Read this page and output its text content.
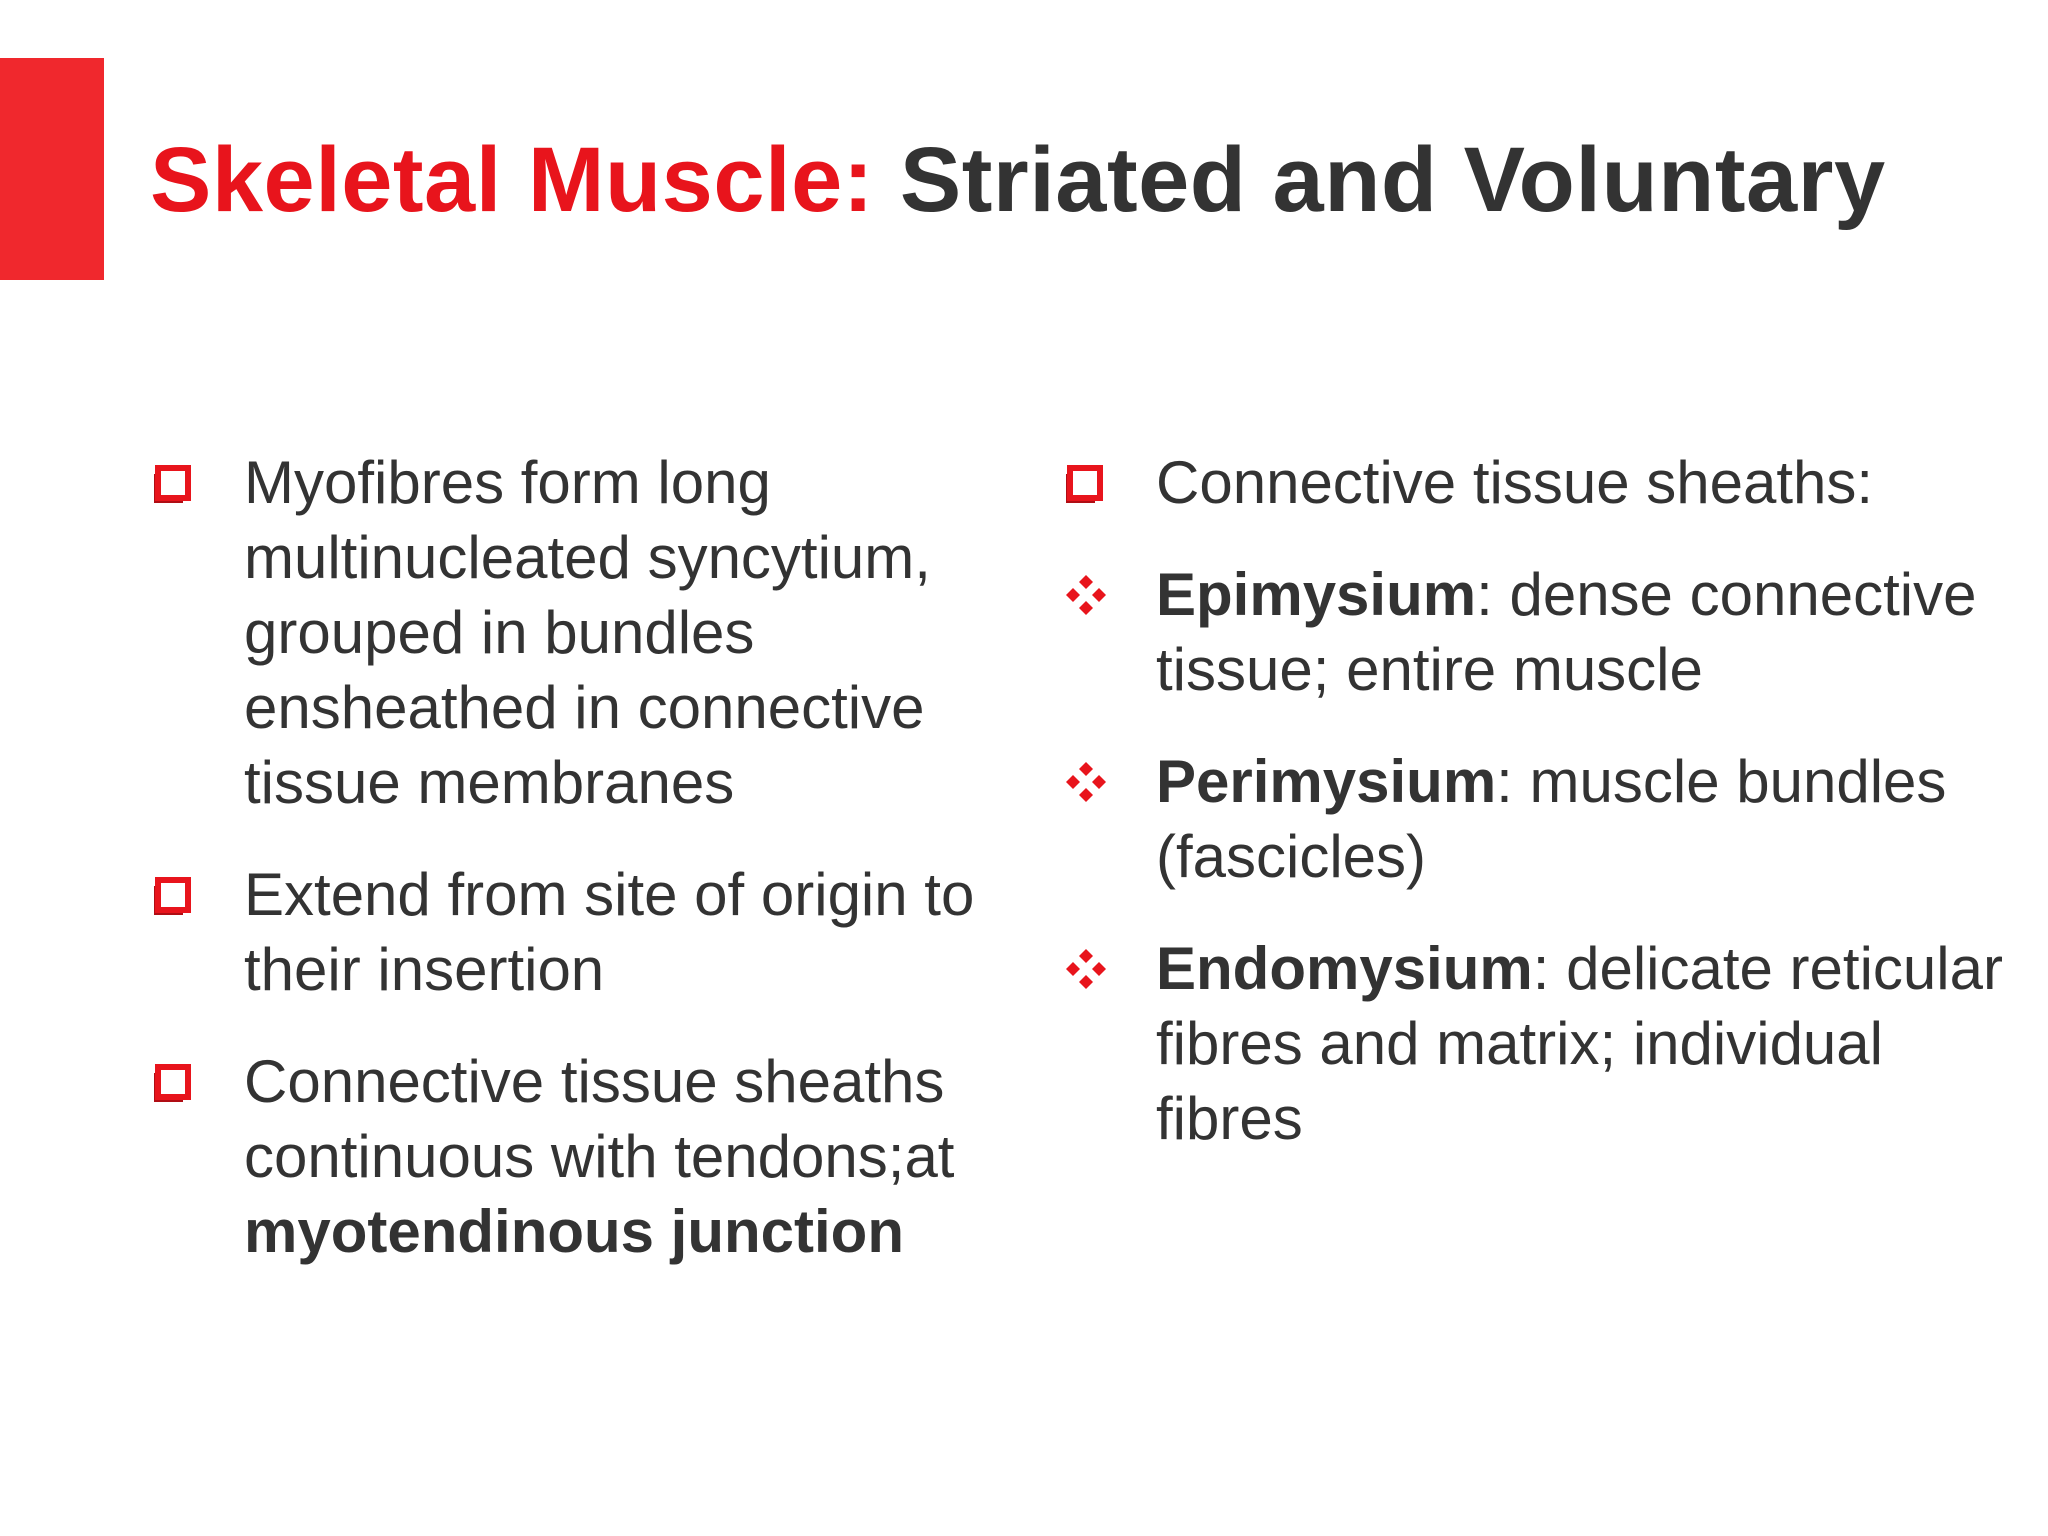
Skeletal Muscle: Striated and Voluntary
Myofibres form long multinucleated syncytium, grouped in bundles ensheathed in connective tissue membranes
Extend from site of origin to their insertion
Connective tissue sheaths continuous with tendons;at myotendinous junction
Connective tissue sheaths:
Epimysium: dense connective tissue; entire muscle
Perimysium: muscle bundles (fascicles)
Endomysium: delicate reticular fibres and matrix; individual fibres
